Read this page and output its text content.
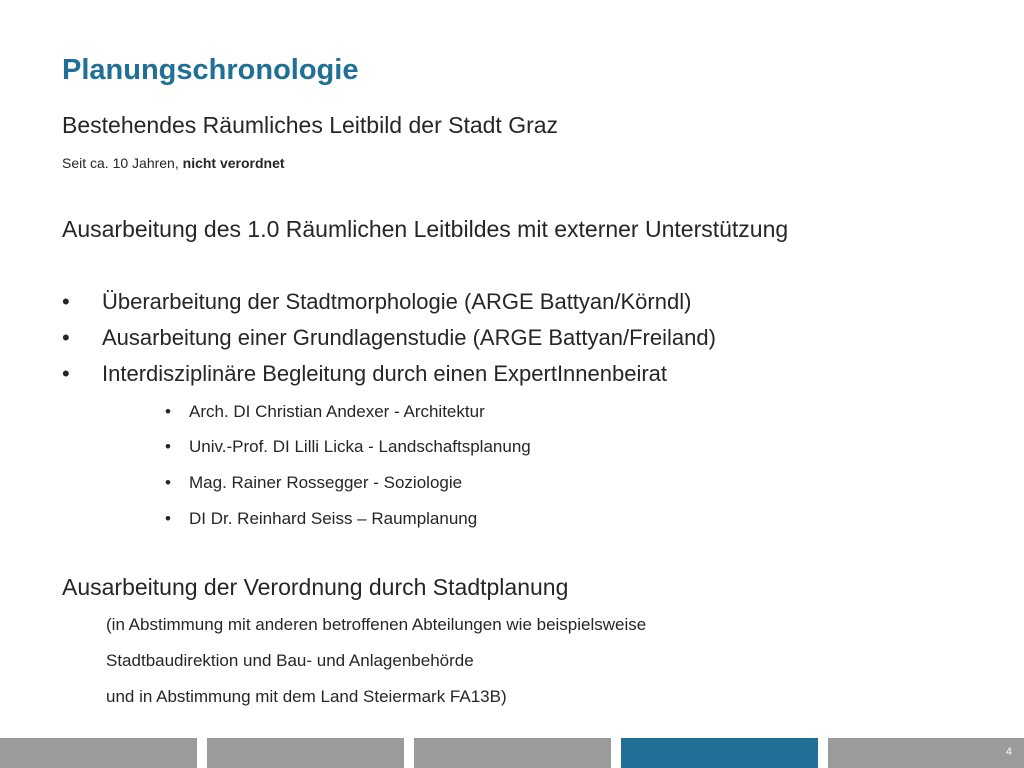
Planungschronologie
Bestehendes Räumliches Leitbild der Stadt Graz
Seit ca. 10 Jahren, nicht verordnet
Ausarbeitung des 1.0 Räumlichen Leitbildes mit externer Unterstützung
•	Überarbeitung der Stadtmorphologie (ARGE Battyan/Körndl)
•	Ausarbeitung einer Grundlagenstudie (ARGE Battyan/Freiland)
•	Interdisziplinäre Begleitung durch einen ExpertInnenbeirat
•	Arch. DI Christian Andexer - Architektur
•	Univ.-Prof. DI Lilli Licka - Landschaftsplanung
•	Mag. Rainer Rossegger - Soziologie
•	DI Dr. Reinhard Seiss – Raumplanung
Ausarbeitung der Verordnung durch Stadtplanung
(in Abstimmung mit anderen betroffenen Abteilungen wie beispielsweise
Stadtbaudirektion und Bau- und Anlagenbehörde
und in Abstimmung mit dem Land Steiermark FA13B)
4
